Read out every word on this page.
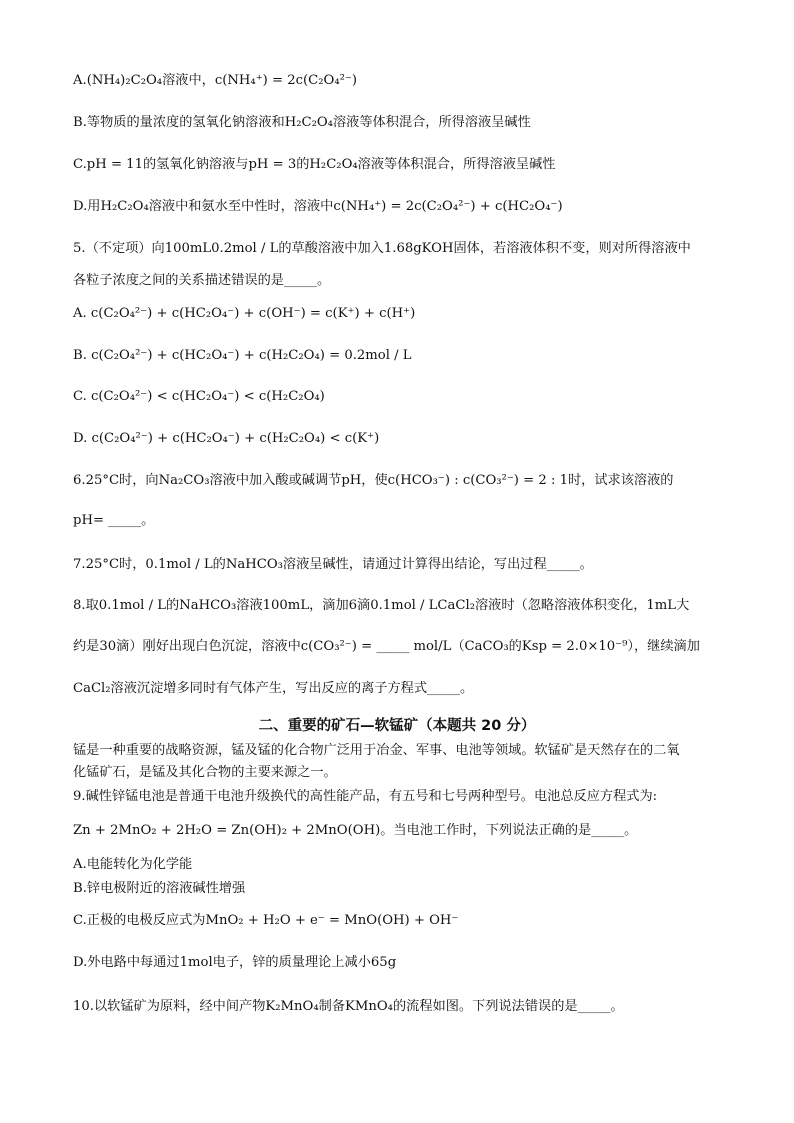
A.(NH₄)₂C₂O₄溶液中，c(NH₄⁺) = 2c(C₂O₄²⁻)
B.等物质的量浓度的氢氧化钠溶液和H₂C₂O₄溶液等体积混合，所得溶液呈碱性
C.pH = 11的氢氧化钠溶液与pH = 3的H₂C₂O₄溶液等体积混合，所得溶液呈碱性
D.用H₂C₂O₄溶液中和氨水至中性时，溶液中c(NH₄⁺) = 2c(C₂O₄²⁻) + c(HC₂O₄⁻)
5.（不定项）向100mL0.2mol / L的草酸溶液中加入1.68gKOH固体，若溶液体积不变，则对所得溶液中
各粒子浓度之间的关系描述错误的是_____。
A. c(C₂O₄²⁻) + c(HC₂O₄⁻) + c(OH⁻) = c(K⁺) + c(H⁺)
B. c(C₂O₄²⁻) + c(HC₂O₄⁻) + c(H₂C₂O₄) = 0.2mol / L
C. c(C₂O₄²⁻) < c(HC₂O₄⁻) < c(H₂C₂O₄)
D. c(C₂O₄²⁻) + c(HC₂O₄⁻) + c(H₂C₂O₄) < c(K⁺)
6.25°C时，向Na₂CO₃溶液中加入酸或碱调节pH，使c(HCO₃⁻) : c(CO₃²⁻) = 2 : 1时，试求该溶液的
pH= _____。
7.25°C时，0.1mol / L的NaHCO₃溶液呈碱性，请通过计算得出结论，写出过程_____。
8.取0.1mol / L的NaHCO₃溶液100mL，滴加6滴0.1mol / LCaCl₂溶液时（忽略溶液体积变化，1mL大
约是30滴）刚好出现白色沉淀，溶液中c(CO₃²⁻) = _____ mol/L（CaCO₃的Ksp = 2.0×10⁻⁹），继续滴加
CaCl₂溶液沉淀增多同时有气体产生，写出反应的离子方程式_____。
二、重要的矿石—软锰矿（本题共 20 分）
锰是一种重要的战略资源，锰及锰的化合物广泛用于冶金、军事、电池等领域。软锰矿是天然存在的二氧
化锰矿石，是锰及其化合物的主要来源之一。
9.碱性锌锰电池是普通干电池升级换代的高性能产品，有五号和七号两种型号。电池总反应方程式为:
Zn + 2MnO₂ + 2H₂O = Zn(OH)₂ + 2MnO(OH)。当电池工作时，下列说法正确的是_____。
A.电能转化为化学能
B.锌电极附近的溶液碱性增强
C.正极的电极反应式为MnO₂ + H₂O + e⁻ = MnO(OH) + OH⁻
D.外电路中每通过1mol电子，锌的质量理论上减小65g
10.以软锰矿为原料，经中间产物K₂MnO₄制备KMnO₄的流程如图。下列说法错误的是_____。
